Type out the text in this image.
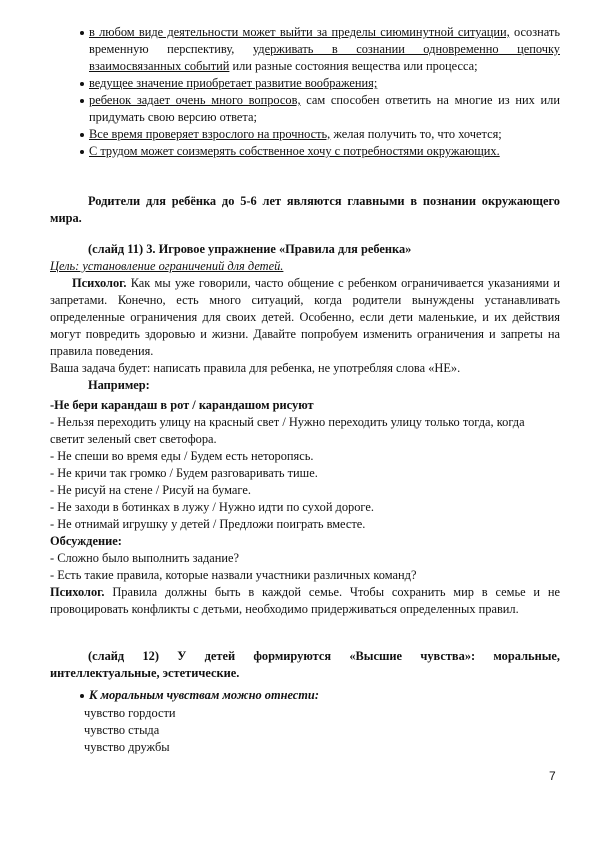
в любом виде деятельности может выйти за пределы сиюминутной ситуации, осознать временную перспективу, удерживать в сознании одновременно цепочку взаимосвязанных событий или разные состояния вещества или процесса;
ведущее значение приобретает развитие воображения;
ребенок задает очень много вопросов, сам способен ответить на многие из них или придумать свою версию ответа;
Все время проверяет взрослого на прочность, желая получить то, что хочется;
С трудом может соизмерять собственное хочу с потребностями окружающих.
Родители для ребёнка до 5-6 лет являются главными в познании окружающего мира.
(слайд 11) 3. Игровое упражнение «Правила для ребенка»
Цель: установление ограничений для детей.
Психолог. Как мы уже говорили, часто общение с ребенком ограничивается указаниями и запретами. Конечно, есть много ситуаций, когда родители вынуждены устанавливать определенные ограничения для своих детей. Особенно, если дети маленькие, и их действия могут повредить здоровью и жизни. Давайте попробуем изменить ограничения и запреты на правила поведения.
Ваша задача будет: написать правила для ребенка, не употребляя слова «НЕ».
Например:
-Не бери карандаш в рот / карандашом рисуют
- Нельзя переходить улицу на красный свет / Нужно переходить улицу только тогда, когда светит зеленый свет светофора.
- Не спеши во время еды / Будем есть неторопясь.
- Не кричи так громко / Будем разговаривать тише.
- Не рисуй на стене / Рисуй на бумаге.
- Не заходи в ботинках в лужу / Нужно идти по сухой дороге.
- Не отнимай игрушку у детей / Предложи поиграть вместе.
Обсуждение:
- Сложно было выполнить задание?
- Есть такие правила, которые назвали участники различных команд?
Психолог. Правила должны быть в каждой семье. Чтобы сохранить мир в семье и не провоцировать конфликты с детьми, необходимо придерживаться определенных правил.
(слайд 12) У детей формируются «Высшие чувства»: моральные, интеллектуальные, эстетические.
К моральным чувствам можно отнести:
чувство гордости
чувство стыда
чувство дружбы
7
